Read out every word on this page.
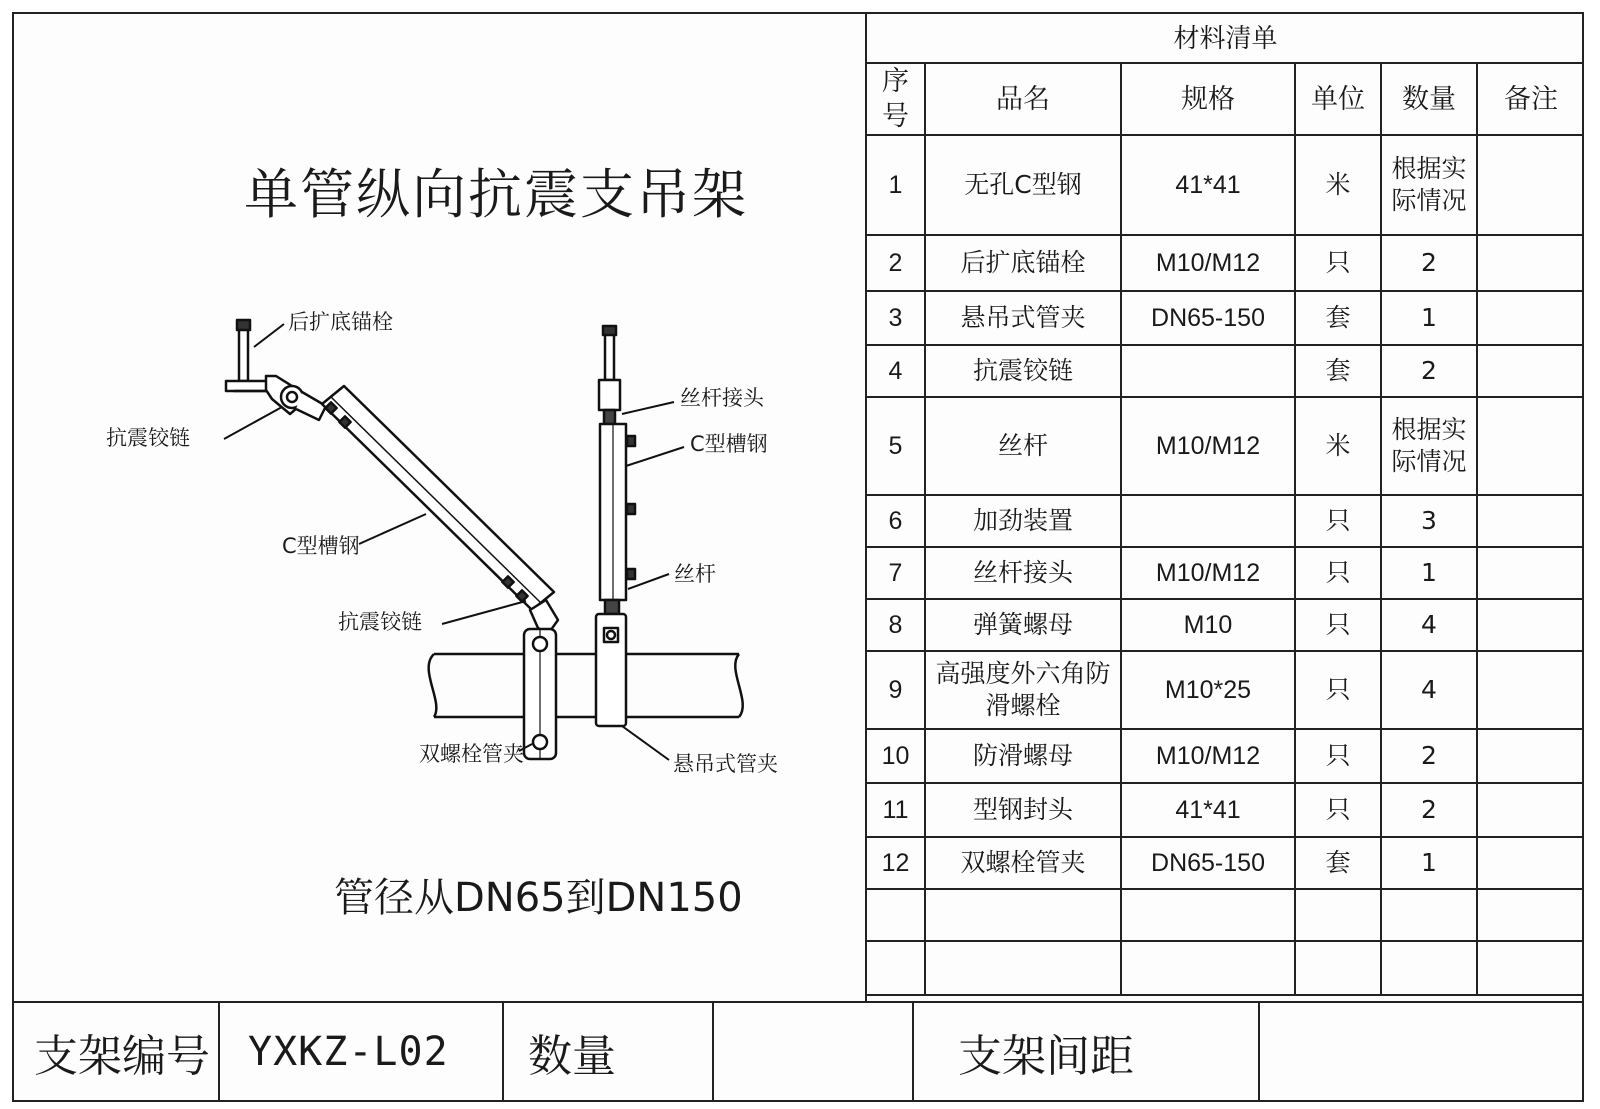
单管纵向抗震支吊架
后扩底锚栓
抗震铰链
C型槽钢
抗震铰链
双螺栓管夹
丝杆接头
C型槽钢
丝杆
悬吊式管夹
管径从DN65到DN150
材料清单
序号	品名	规格	单位	数量	备注
1	无孔C型钢	41*41	米	根据实际情况	
2	后扩底锚栓	M10/M12	只	2	
3	悬吊式管夹	DN65-150	套	1	
4	抗震铰链		套	2	
5	丝杆	M10/M12	米	根据实际情况	
6	加劲装置		只	3	
7	丝杆接头	M10/M12	只	1	
8	弹簧螺母	M10	只	4	
9	高强度外六角防滑螺栓	M10*25	只	4	
10	防滑螺母	M10/M12	只	2	
11	型钢封头	41*41	只	2	
12	双螺栓管夹	DN65-150	套	1	

支架编号 YXKZ-L02	数量	支架间距
